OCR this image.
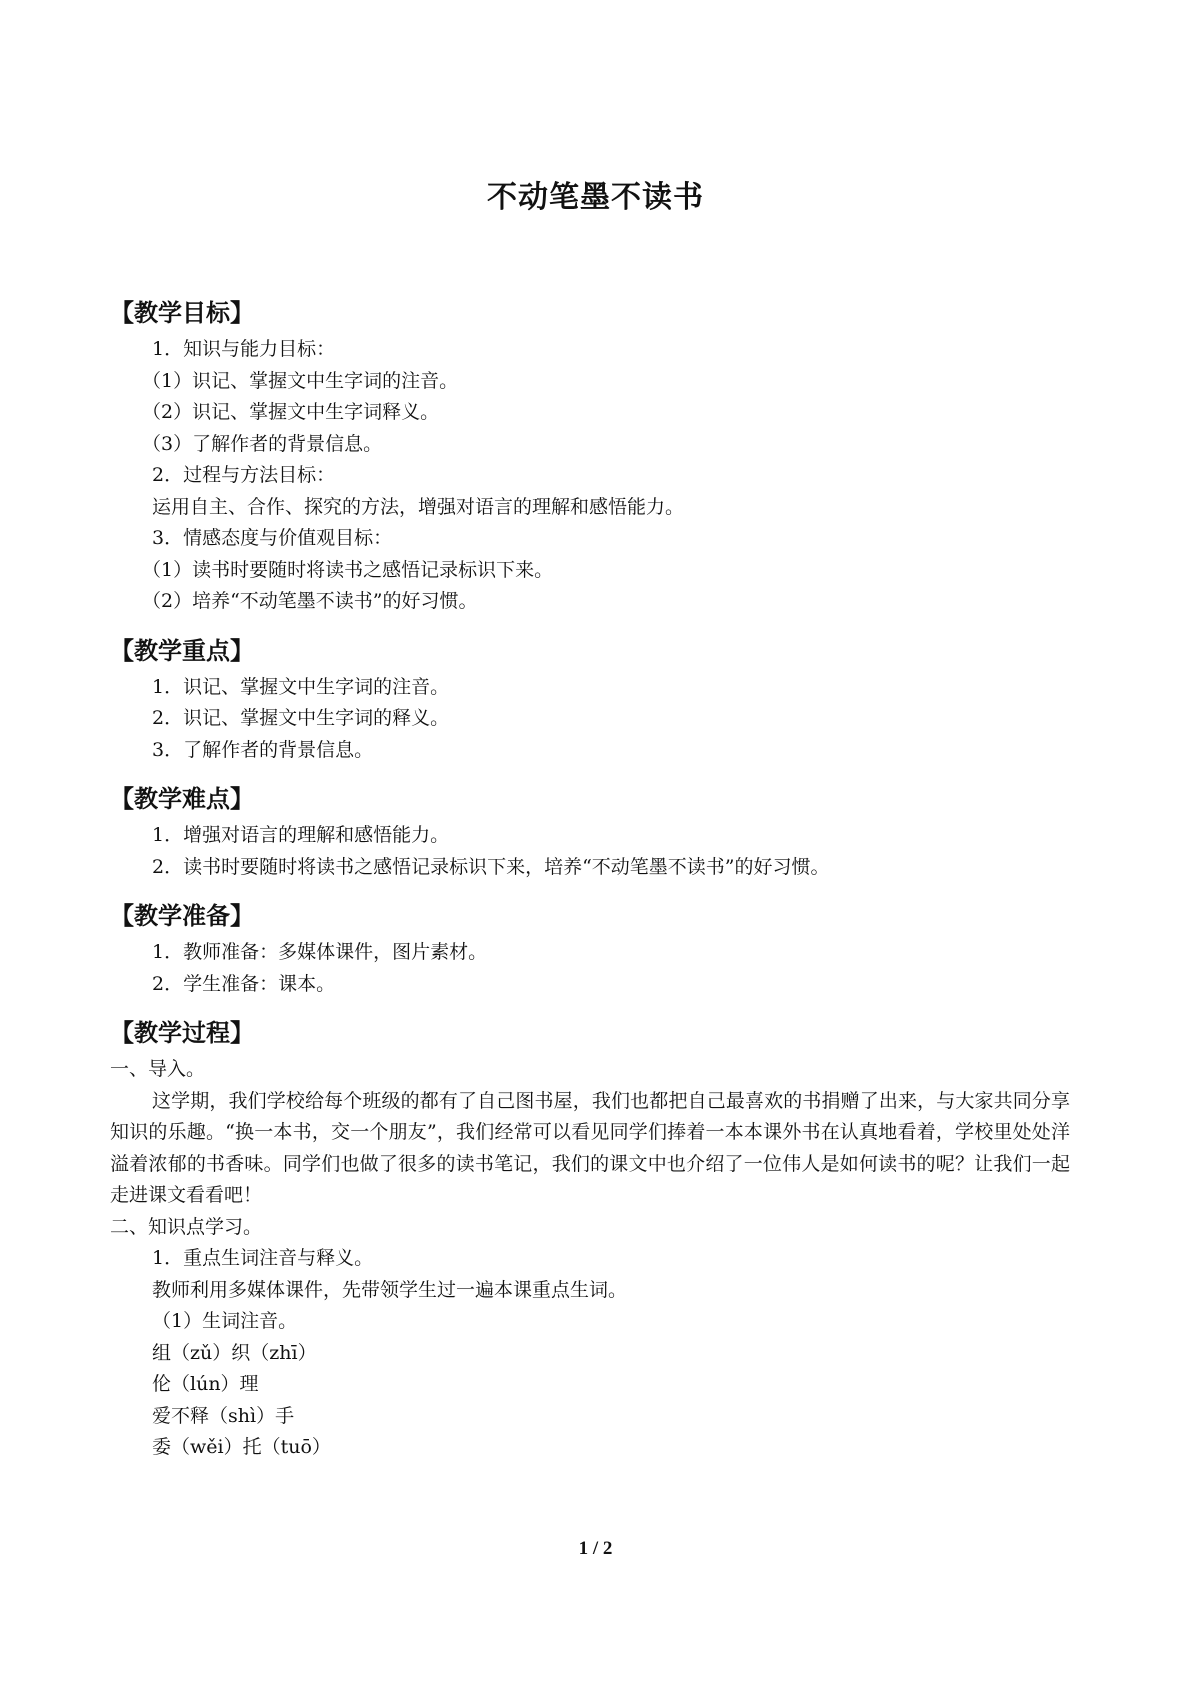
不动笔墨不读书
【教学目标】
1．知识与能力目标：
（1）识记、掌握文中生字词的注音。
（2）识记、掌握文中生字词释义。
（3）了解作者的背景信息。
2．过程与方法目标：
运用自主、合作、探究的方法，增强对语言的理解和感悟能力。
3．情感态度与价值观目标：
（1）读书时要随时将读书之感悟记录标识下来。
（2）培养“不动笔墨不读书”的好习惯。
【教学重点】
1．识记、掌握文中生字词的注音。
2．识记、掌握文中生字词的释义。
3．了解作者的背景信息。
【教学难点】
1．增强对语言的理解和感悟能力。
2．读书时要随时将读书之感悟记录标识下来，培养“不动笔墨不读书”的好习惯。
【教学准备】
1．教师准备：多媒体课件，图片素材。
2．学生准备：课本。
【教学过程】
一、导入。
这学期，我们学校给每个班级的都有了自己图书屋，我们也都把自己最喜欢的书捐赠了出来，与大家共同分享知识的乐趣。“换一本书，交一个朋友”，我们经常可以看见同学们捧着一本本课外书在认真地看着，学校里处处洋溢着浓郁的书香味。同学们也做了很多的读书笔记，我们的课文中也介绍了一位伟人是如何读书的呢？让我们一起走进课文看看吧！
二、知识点学习。
1．重点生词注音与释义。
教师利用多媒体课件，先带领学生过一遍本课重点生词。
（1）生词注音。
组（zǔ）织（zhī）
伦（lún）理
爱不释（shì）手
委（wěi）托（tuō）
1 / 2
